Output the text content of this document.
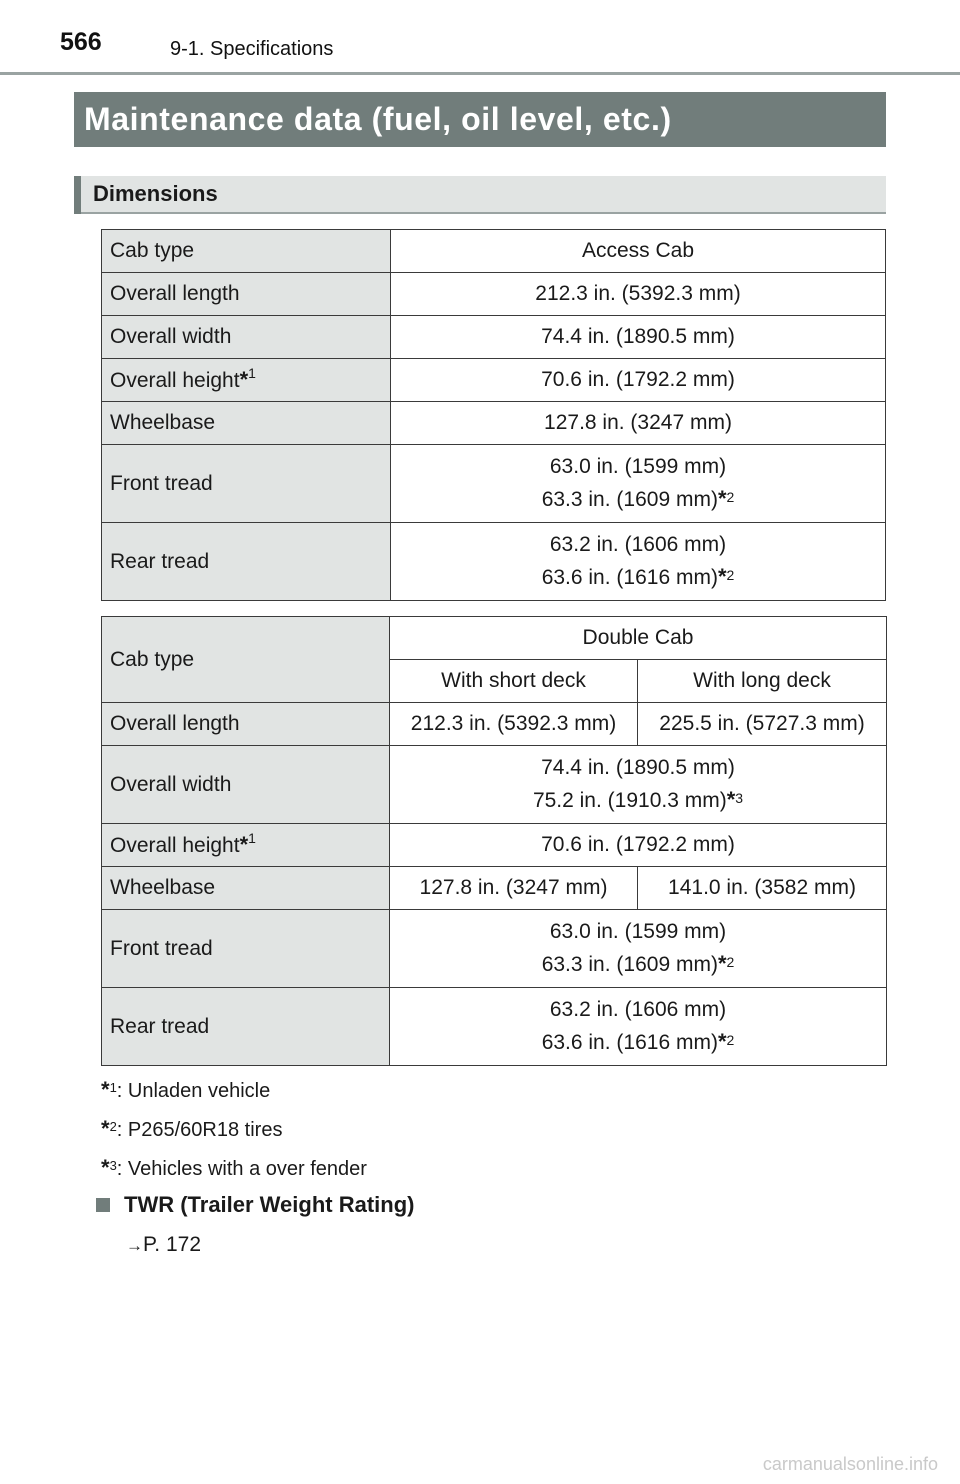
566	9-1. Specifications
Maintenance data (fuel, oil level, etc.)
Dimensions
Cab type	Access Cab
Overall length	212.3 in. (5392.3 mm)
Overall width	74.4 in. (1890.5 mm)
Overall height*$^1$	70.6 in. (1792.2 mm)
Wheelbase	127.8 in. (3247 mm)
Front tread	63.0 in. (1599 mm)
63.3 in. (1609 mm)*$^2$

Rear tread	63.2 in. (1606 mm)
63.6 in. (1616 mm)*$^2$
Cab type	Double Cab	
	With short deck	With long deck
Overall length	212.3 in. (5392.3 mm)	225.5 in. (5727.3 mm)
Overall width	74.4 in. (1890.5 mm)
75.2 in. (1910.3 mm)*$^3$

Overall height*$^1$	70.6 in. (1792.2 mm)	
Wheelbase	127.8 in. (3247 mm)	141.0 in. (3582 mm)
Front tread	63.0 in. (1599 mm)
63.3 in. (1609 mm)*$^2$

Rear tread	63.2 in. (1606 mm)
63.6 in. (1616 mm)*$^2$
*$^1$: Unladen vehicle
*$^2$: P265/60R18 tires
*$^3$: Vehicles with a over fender
TWR (Trailer Weight Rating)
→P. 172
carmanualsonline.info
